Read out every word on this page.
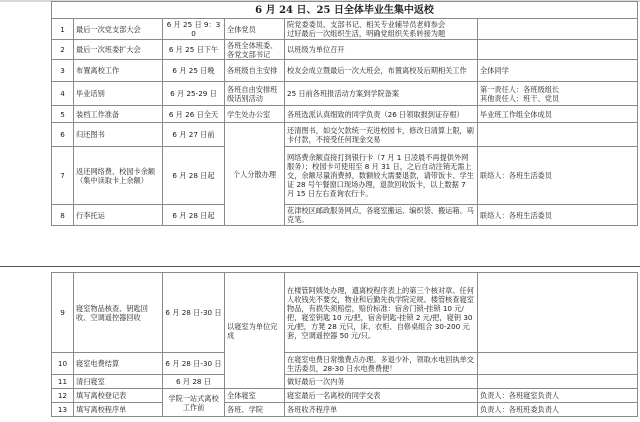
6 月 24 日、25 日全体毕业生集中返校					
1	最后一次党支部大会	6 月 25 日 9：30	全体党员	院党委委员、支部书记、相关专业辅导员老师参会
过好最后一次组织生活，明确党组织关系转接为题	
2	最后一次班委扩大会	6 月 25 日下午	各班全体班委、各党支部书记	以班级为单位召开	
3	布置离校工作	6 月 25 日晚	各班级自主安排	校友会成立暨最后一次大班会，布置离校及后期相关工作	全体同学
4	毕业话别	6 月 25-29 日	各班自由安排班级话别活动	25 日前各班报活动方案到学院备案	第一责任人：各班级组长
其他责任人：班干、党员
5	装档工作准备	6 月 26 日全天	学生处办公室	各班选派认真细致的同学负责（26 日领取报到证存根）	毕业班工作组全体成员
6	归还图书	6 月 27 日前	个人分散办理	还清图书，如交欠款统一充进校园卡，修改日清算上限，刷卡付款，不接受任何现金交易	
7	返还网络费、校园卡余额（集中读取卡上余额）	6 月 28 日起		网络费余额直接打到银行卡（7 月 1 日凌晨不再提供外网服务）；校园卡可使用至 8 月 31 日，之后自动注销无需上交，余额尽量消费掉，数额较大需要退款，请带饭卡、学生证 28 号午餐窗口现场办理，退款回收饭卡，以上数据 7 月 15 日左右查询农行卡。	联络人：各班生活委员
8	行李托运	6 月 28 日起		花津校区邮政服务网点，各寝室搬运、编织袋、搬运箱、马克笔。	联络人：各班生活委员
9	寝室物品核查、钥匙回收、空调遥控器回收	6 月 28 日-30 日	以寝室为单位完成	在楼管阿姨处办理，遗离校程序表上的第三个核对章。任何人收钱先不要交，物业和后勤先执学院定规。楼管核查寝室物品，有损失须赔偿，赔价标准：宿舍门锁-挂锁 10 元/把，寝室钥匙 10 元/把，宿舍钥匙-挂锁 2 元/把，寝钥 30 元/把，方凳 28 元只，床、衣柜、自修桌组合 30-200 元套，空调遥控器 50 元/只。	
10	寝室电费结算	6 月 28 日-30 日		在寝室电费日常缴费点办理。多退少补，领取水电回执单交生活委员，28-30 日水电费费便！	
11	清扫寝室	6 月 28 日		做好最后一次内务	
12	填写离校登记表	学院一站式离校工作前	全体寝室	寝室最后一名离校的同学交表	负责人：各班寝室负责人
13	填写离校程序单		各班、学院	各班收齐程序单	负责人：各班班委负责人
